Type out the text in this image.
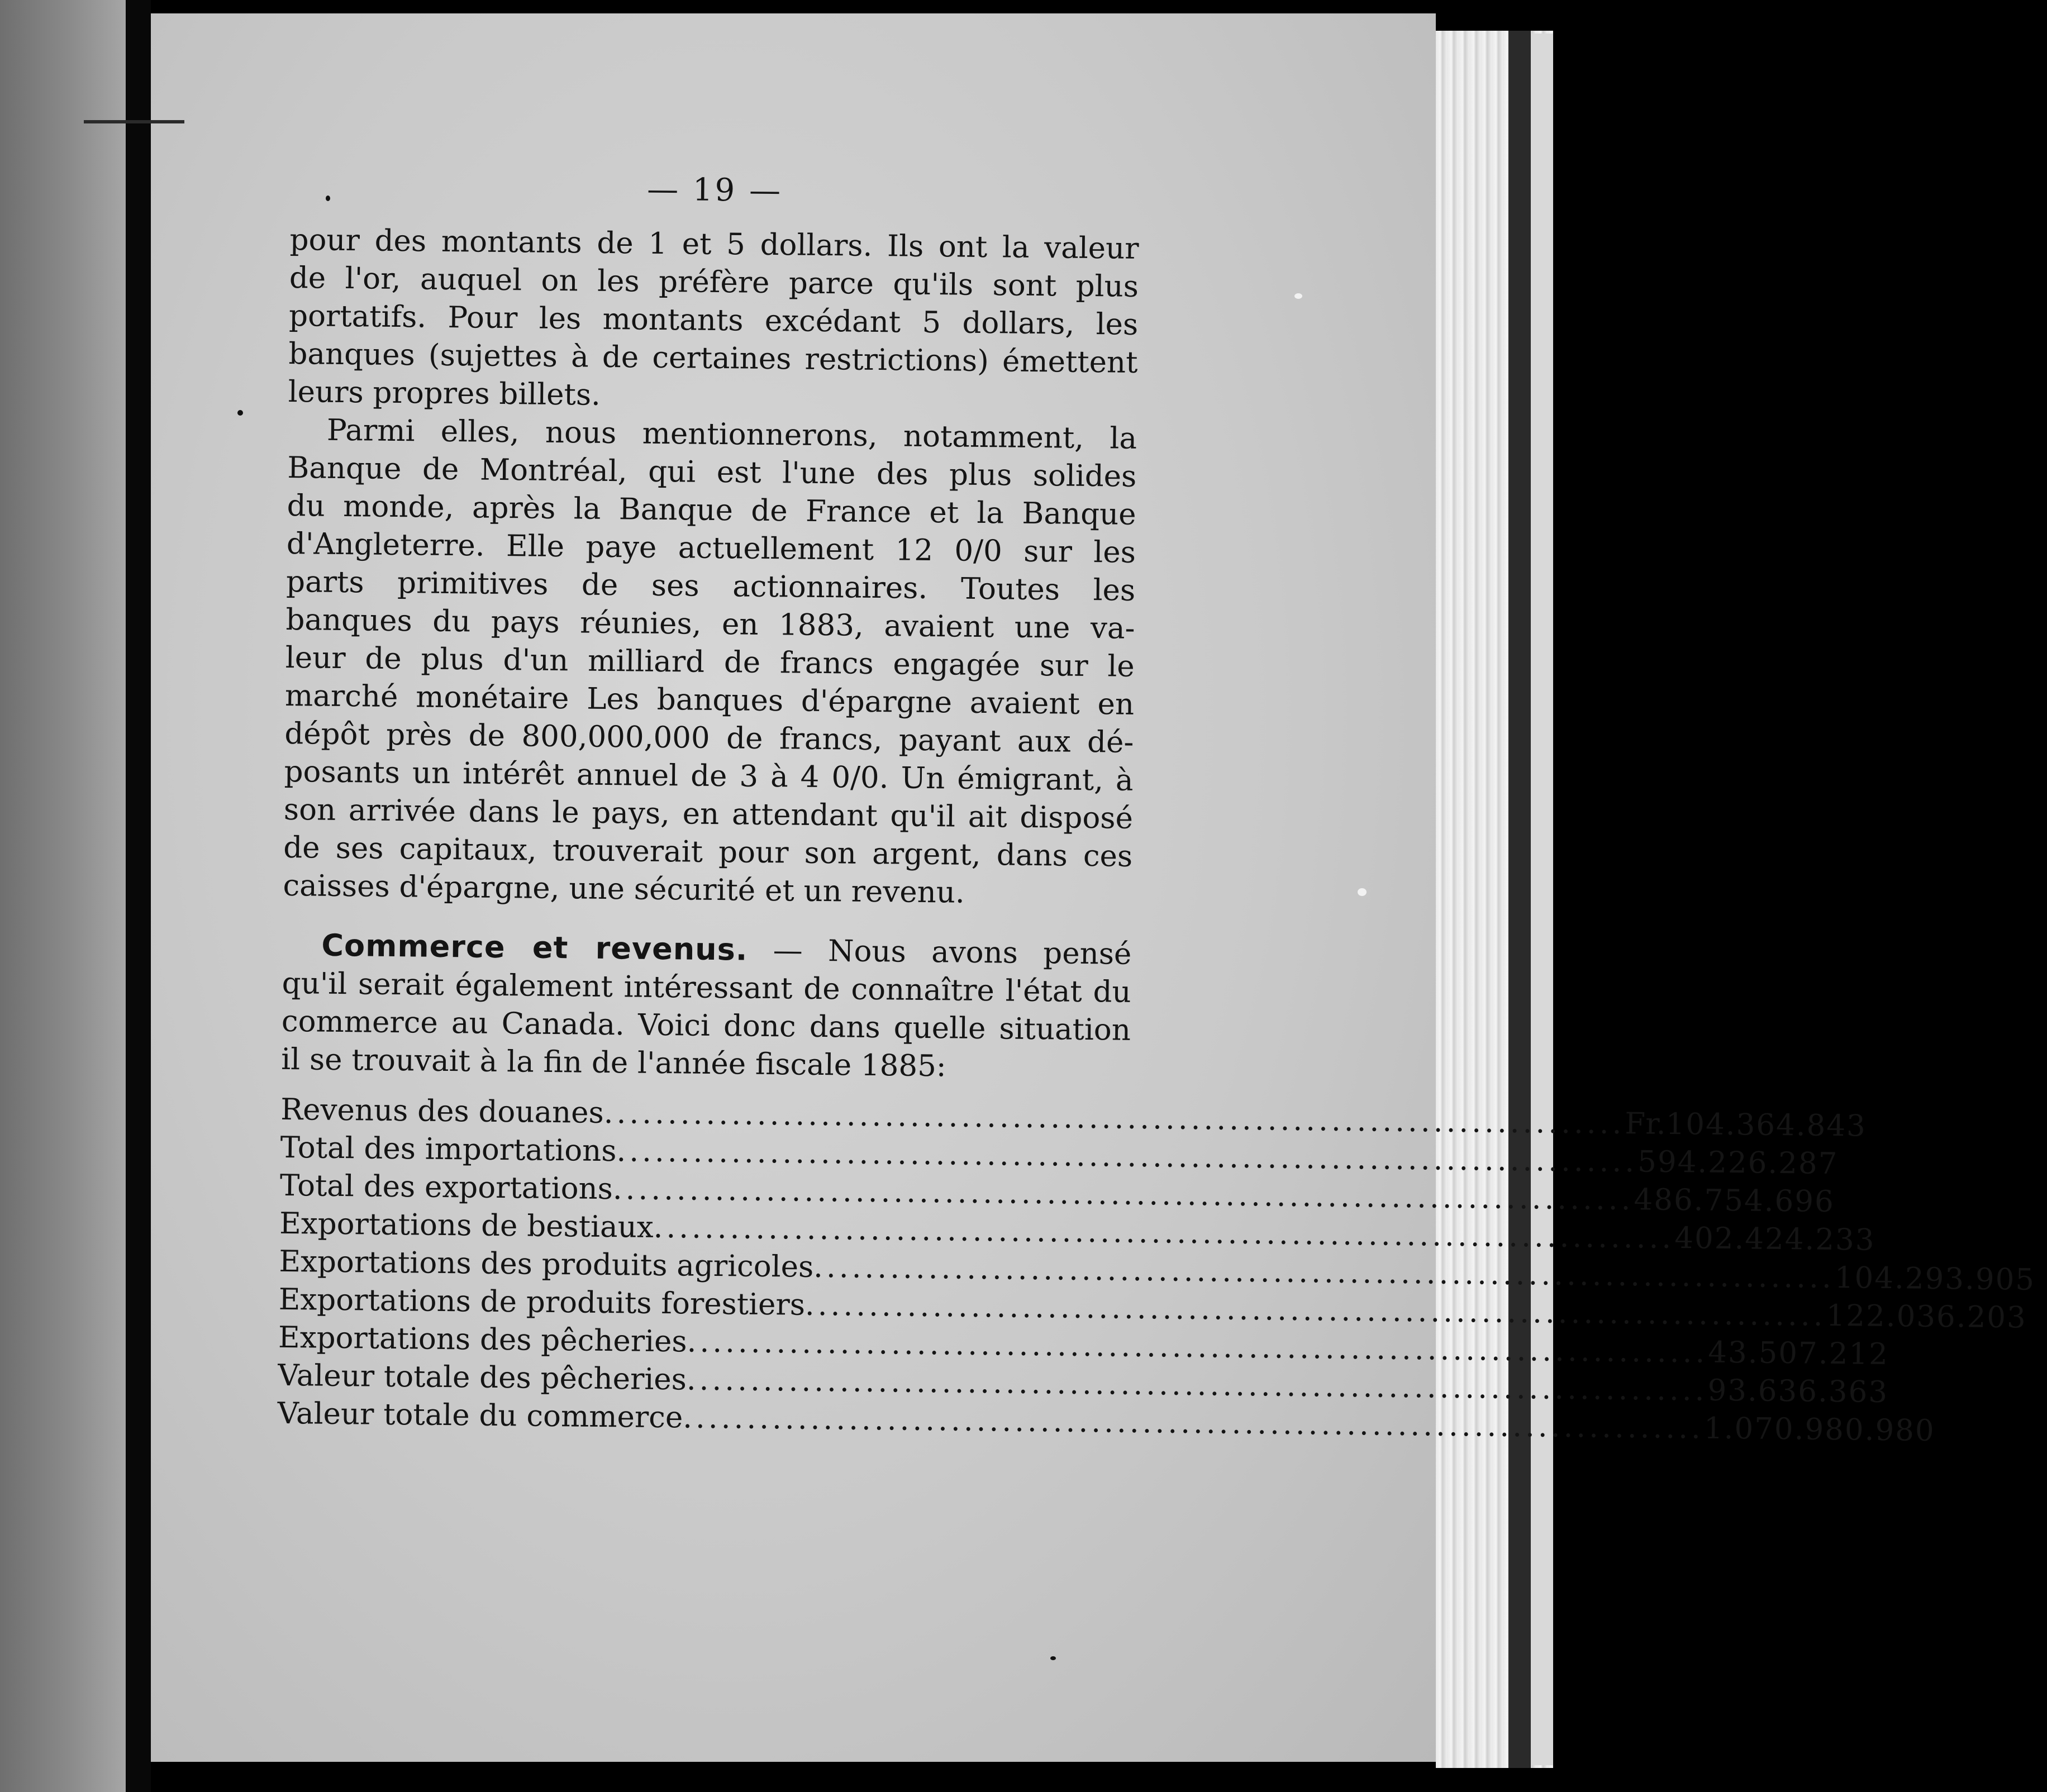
— 19 —
pour des montants de 1 et 5 dollars. Ils ont la valeur
de l'or, auquel on les préfère parce qu'ils sont plus
portatifs. Pour les montants excédant 5 dollars, les
banques (sujettes à de certaines restrictions) émettent
leurs propres billets.
Parmi elles, nous mentionnerons, notamment, la
Banque de Montréal, qui est l'une des plus solides
du monde, après la Banque de France et la Banque
d'Angleterre. Elle paye actuellement 12 0/0 sur les
parts primitives de ses actionnaires. Toutes les
banques du pays réunies, en 1883, avaient une va-
leur de plus d'un milliard de francs engagée sur le
marché monétaire Les banques d'épargne avaient en
dépôt près de 800,000,000 de francs, payant aux dé-
posants un intérêt annuel de 3 à 4 0/0. Un émigrant, à
son arrivée dans le pays, en attendant qu'il ait disposé
de ses capitaux, trouverait pour son argent, dans ces
caisses d'épargne, une sécurité et un revenu.
Commerce et revenus. — Nous avons pensé
qu'il serait également intéressant de connaître l'état du
commerce au Canada. Voici donc dans quelle situation
il se trouvait à la fin de l'année fiscale 1885:
Revenus des douanes ................................................................................ Fr. 104.364.843
Total des importations ................................................................................ 594.226.287
Total des exportations ................................................................................ 486.754.696
Exportations de bestiaux ................................................................................ 402.424.233
Exportations des produits agricoles ................................................................................ 104.293.905
Exportations de produits forestiers ................................................................................ 122.036.203
Exportations des pêcheries ................................................................................ 43.507.212
Valeur totale des pêcheries ................................................................................ 93.636.363
Valeur totale du commerce ................................................................................ 1.070.980.980
